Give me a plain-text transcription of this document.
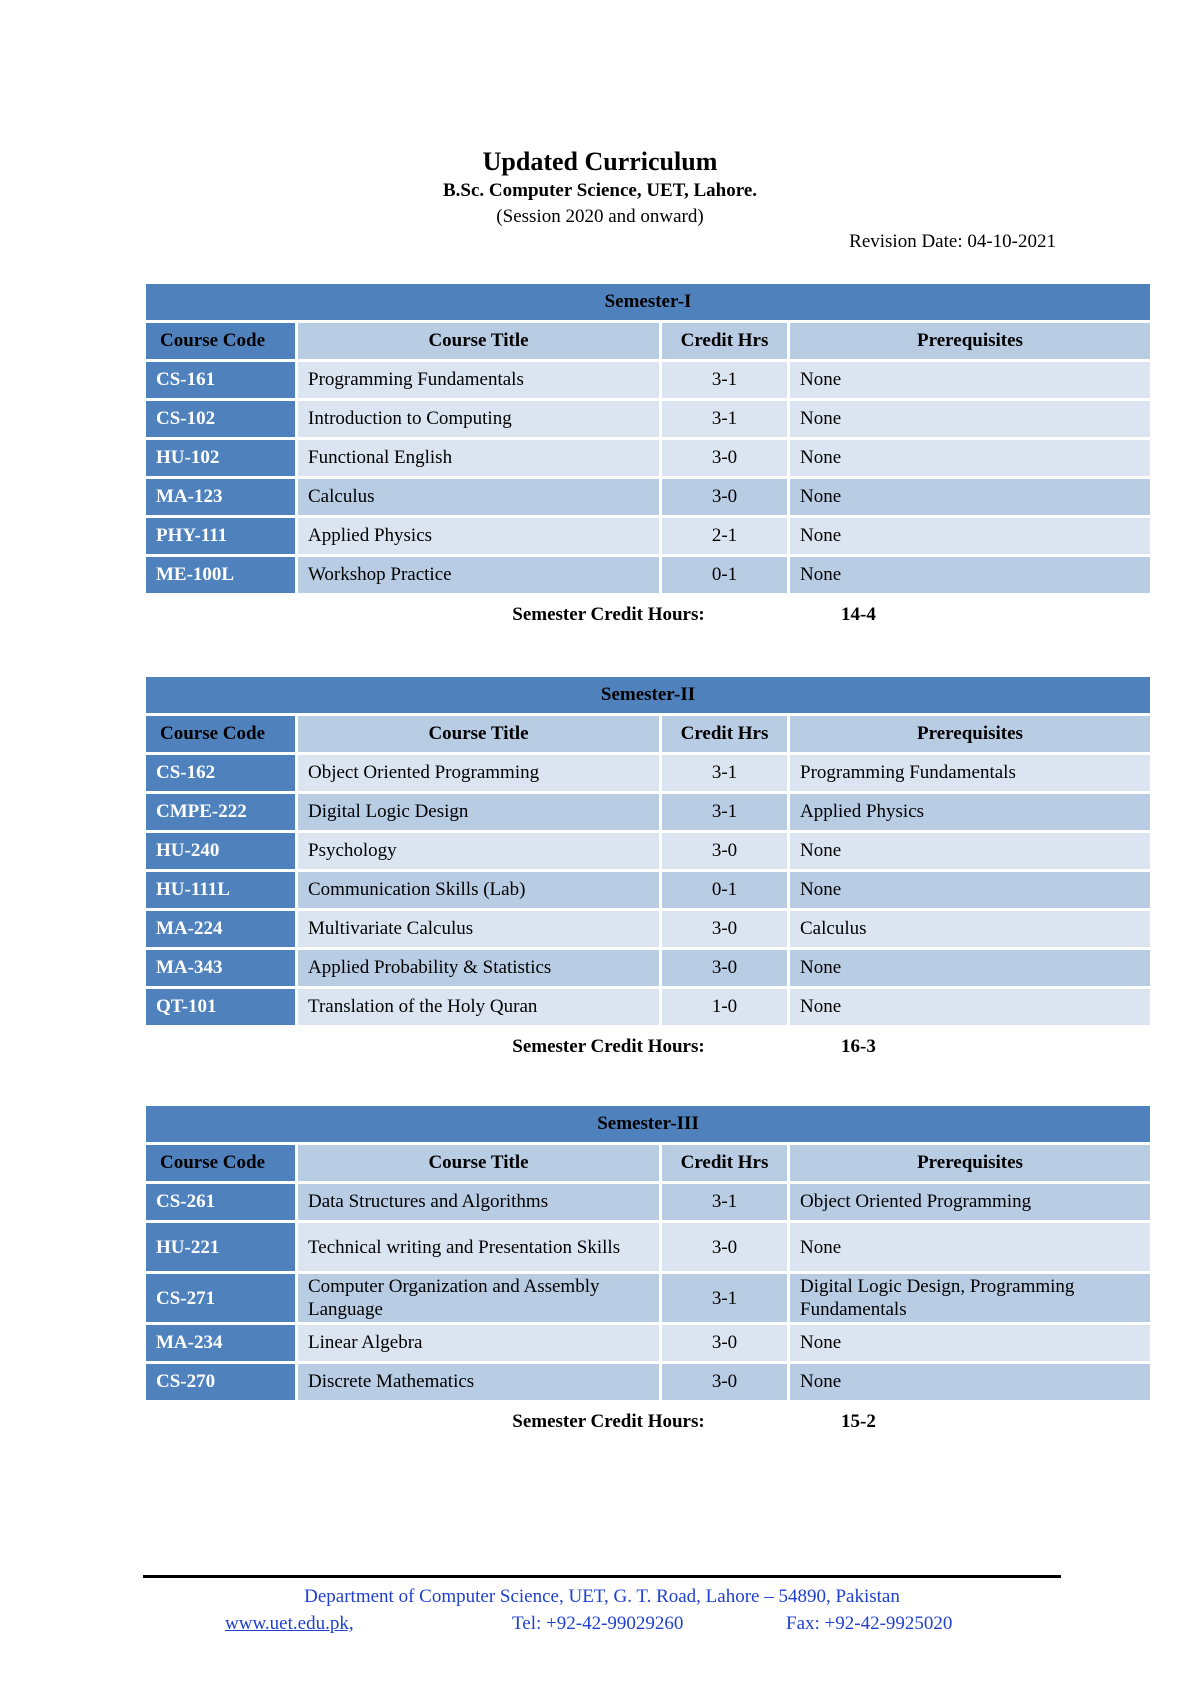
Updated Curriculum
B.Sc. Computer Science, UET, Lahore.
(Session 2020 and onward)
Revision Date: 04-10-2021
Semester-I			
Course Code	Course Title	Credit Hrs	Prerequisites
CS-161	Programming Fundamentals	3-1	None
CS-102	Introduction to Computing	3-1	None
HU-102	Functional English	3-0	None
MA-123	Calculus	3-0	None
PHY-111	Applied Physics	2-1	None
ME-100L	Workshop Practice	0-1	None
Semester Credit Hours:	14-4
Semester-II			
Course Code	Course Title	Credit Hrs	Prerequisites
CS-162	Object Oriented Programming	3-1	Programming Fundamentals
CMPE-222	Digital Logic Design	3-1	Applied Physics
HU-240	Psychology	3-0	None
HU-111L	Communication Skills (Lab)	0-1	None
MA-224	Multivariate Calculus	3-0	Calculus
MA-343	Applied Probability & Statistics	3-0	None
QT-101	Translation of the Holy Quran	1-0	None
Semester Credit Hours:	16-3
Semester-III			
Course Code	Course Title	Credit Hrs	Prerequisites
CS-261	Data Structures and Algorithms	3-1	Object Oriented Programming
HU-221	Technical writing and Presentation Skills	3-0	None
CS-271	Computer Organization and Assembly Language	3-1	Digital Logic Design, Programming Fundamentals
MA-234	Linear Algebra	3-0	None
CS-270	Discrete Mathematics	3-0	None
Semester Credit Hours:	15-2
Department of Computer Science, UET, G. T. Road, Lahore – 54890, Pakistan
www.uet.edu.pk,	Tel: +92-42-99029260	Fax: +92-42-9925020
